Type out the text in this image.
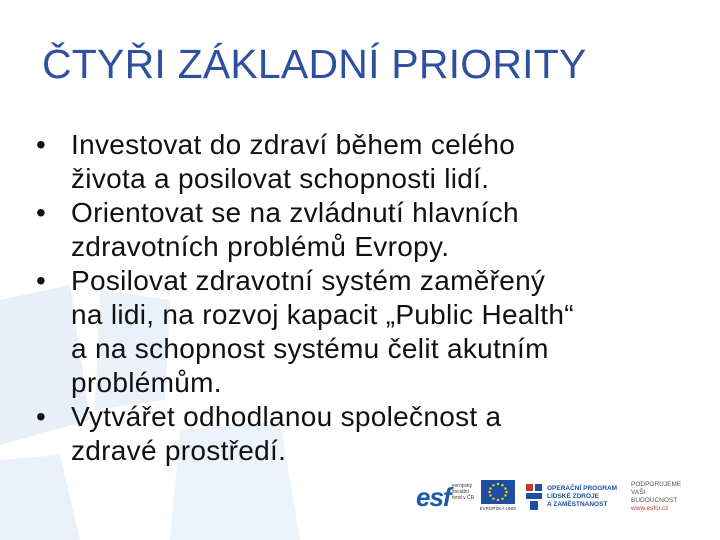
ČTYŘI ZÁKLADNÍ PRIORITY
• Investovat do zdraví během celého
života a posilovat schopnosti lidí.
• Orientovat se na zvládnutí hlavních
zdravotních problémů Evropy.
• Posilovat zdravotní systém zaměřený
na lidi, na rozvoj kapacit „Public Health“
a na schopnost systému čelit akutním
problémům.
• Vytvářet odhodlanou společnost a
zdravé prostředí.
esf evropský sociální fond v ČR
EVROPSKÁ UNIE
OPERAČNÍ PROGRAM
LIDSKÉ ZDROJE
A ZAMĚSTNANOST
PODPORUJEME
VAŠI BUDOUCNOST
www.esfcr.cz
